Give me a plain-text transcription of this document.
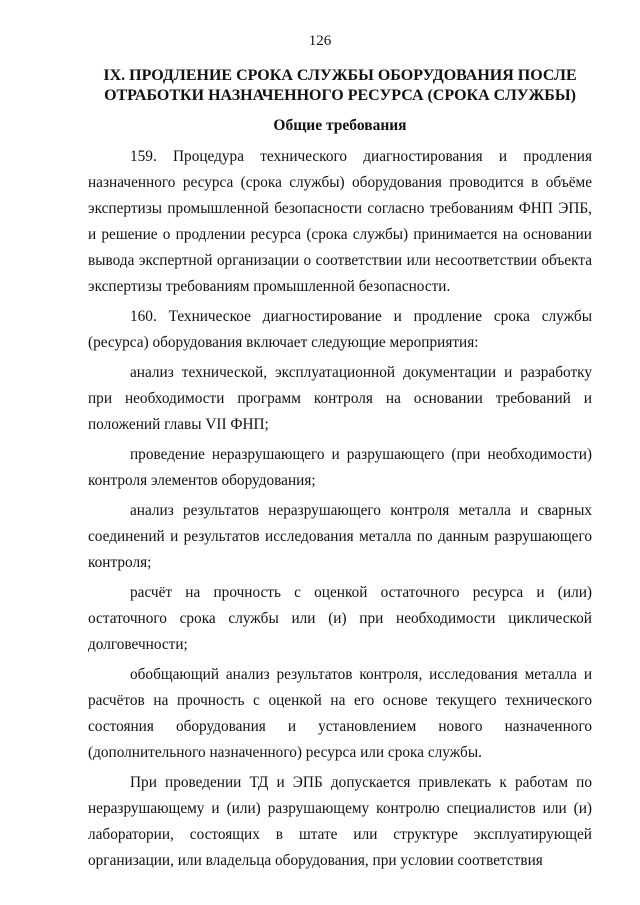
126
IX. ПРОДЛЕНИЕ СРОКА СЛУЖБЫ ОБОРУДОВАНИЯ ПОСЛЕ
ОТРАБОТКИ НАЗНАЧЕННОГО РЕСУРСА (СРОКА СЛУЖБЫ)
Общие требования

159. Процедура технического диагностирования и продления назначенного ресурса (срока службы) оборудования проводится в объёме экспертизы промышленной безопасности согласно требованиям ФНП ЭПБ, и решение о продлении ресурса (срока службы) принимается на основании вывода экспертной организации о соответствии или несоответствии объекта экспертизы требованиям промышленной безопасности.

160. Техническое диагностирование и продление срока службы (ресурса) оборудования включает следующие мероприятия:

анализ технической, эксплуатационной документации и разработку при необходимости программ контроля на основании требований и положений главы VII ФНП;

проведение неразрушающего и разрушающего (при необходимости) контроля элементов оборудования;

анализ результатов неразрушающего контроля металла и сварных соединений и результатов исследования металла по данным разрушающего контроля;

расчёт на прочность с оценкой остаточного ресурса и (или) остаточного срока службы или (и) при необходимости циклической долговечности;

обобщающий анализ результатов контроля, исследования металла и расчётов на прочность с оценкой на его основе текущего технического состояния оборудования и установлением нового назначенного (дополнительного назначенного) ресурса или срока службы.

При проведении ТД и ЭПБ допускается привлекать к работам по неразрушающему и (или) разрушающему контролю специалистов или (и) лаборатории, состоящих в штате или структуре эксплуатирующей организации, или владельца оборудования, при условии соответствия
